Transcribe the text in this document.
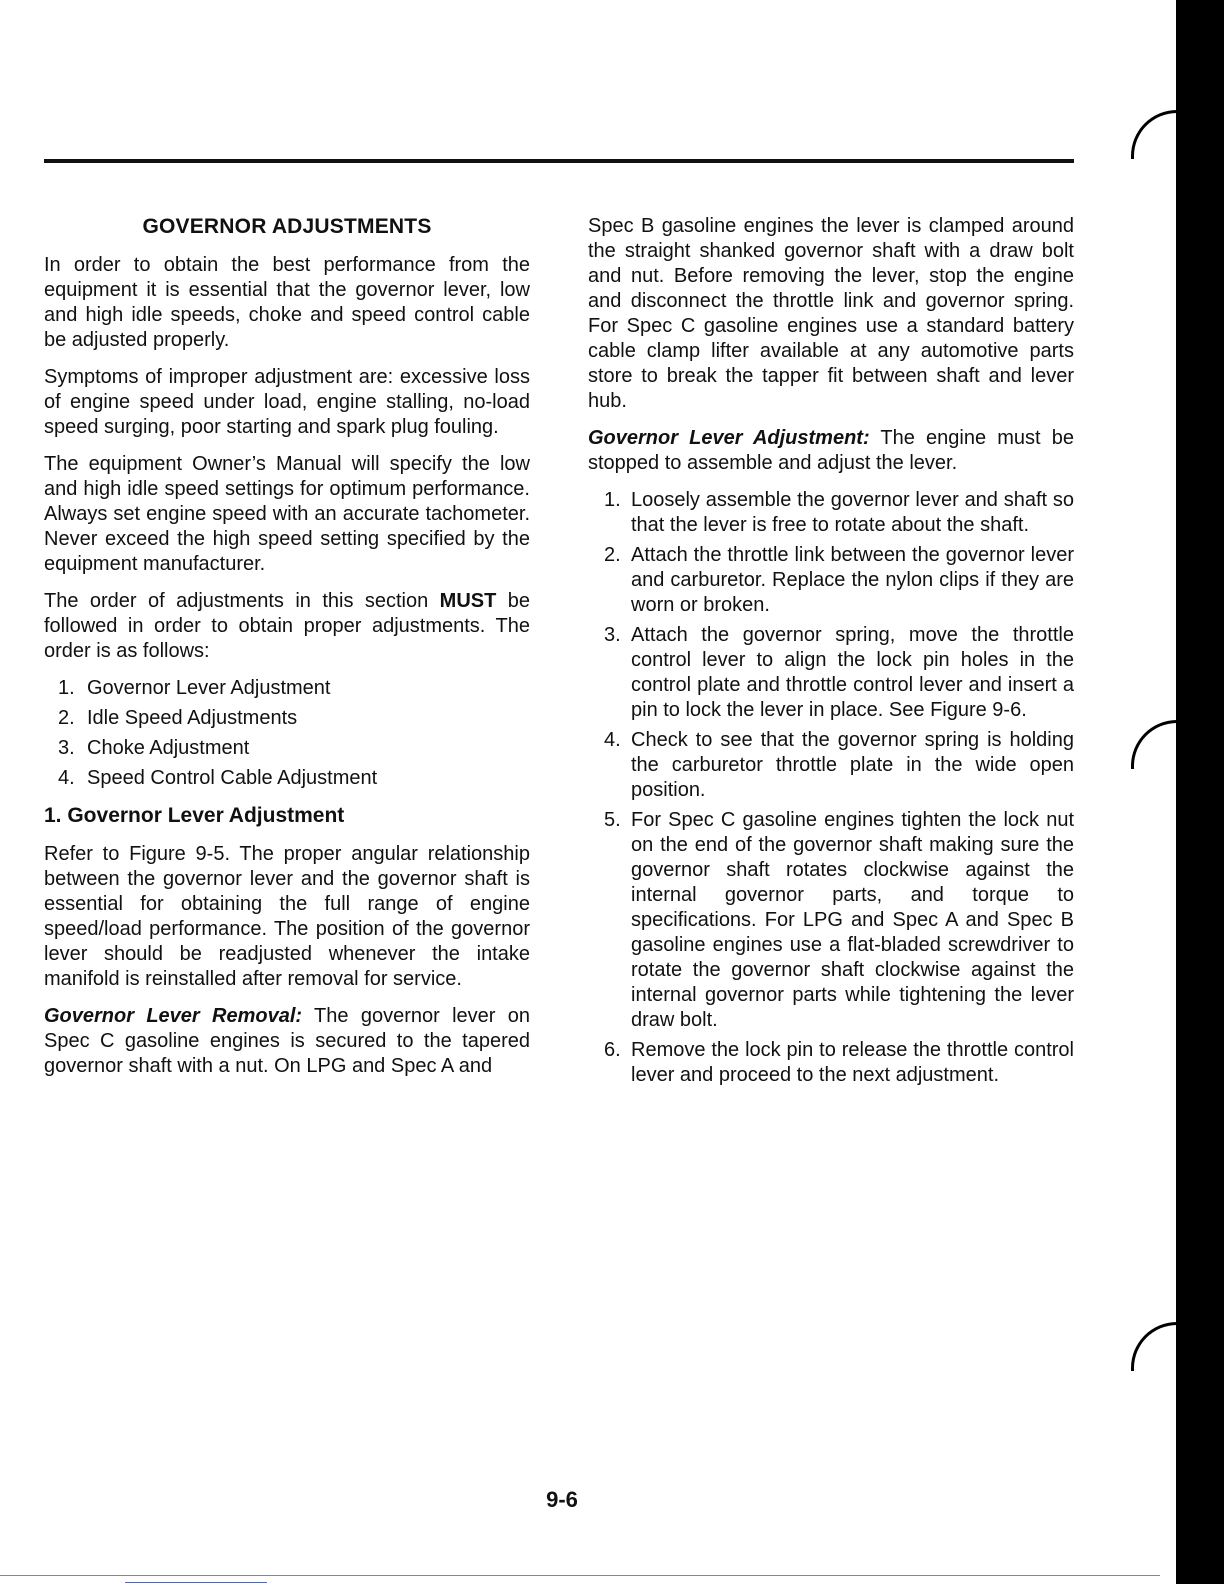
GOVERNOR ADJUSTMENTS

In order to obtain the best performance from the equipment it is essential that the governor lever, low and high idle speeds, choke and speed control cable be adjusted properly.

Symptoms of improper adjustment are: excessive loss of engine speed under load, engine stalling, no-load speed surging, poor starting and spark plug fouling.

The equipment Owner’s Manual will specify the low and high idle speed settings for optimum performance. Always set engine speed with an accurate tachometer. Never exceed the high speed setting specified by the equipment manufacturer.

The order of adjustments in this section MUST be followed in order to obtain proper adjustments. The order is as follows:

1. Governor Lever Adjustment
2. Idle Speed Adjustments
3. Choke Adjustment
4. Speed Control Cable Adjustment
1. Governor Lever Adjustment

Refer to Figure 9-5. The proper angular relationship between the governor lever and the governor shaft is essential for obtaining the full range of engine speed/load performance. The position of the governor lever should be readjusted whenever the intake manifold is reinstalled after removal for service.

Governor Lever Removal: The governor lever on Spec C gasoline engines is secured to the tapered governor shaft with a nut. On LPG and Spec A and

Spec B gasoline engines the lever is clamped around the straight shanked governor shaft with a draw bolt and nut. Before removing the lever, stop the engine and disconnect the throttle link and governor spring. For Spec C gasoline engines use a standard battery cable clamp lifter available at any automotive parts store to break the tapper fit between shaft and lever hub.

Governor Lever Adjustment: The engine must be stopped to assemble and adjust the lever.

1. Loosely assemble the governor lever and shaft so that the lever is free to rotate about the shaft.
2. Attach the throttle link between the governor lever and carburetor. Replace the nylon clips if they are worn or broken.
3. Attach the governor spring, move the throttle control lever to align the lock pin holes in the control plate and throttle control lever and insert a pin to lock the lever in place. See Figure 9-6.
4. Check to see that the governor spring is holding the carburetor throttle plate in the wide open position.
5. For Spec C gasoline engines tighten the lock nut on the end of the governor shaft making sure the governor shaft rotates clockwise against the internal governor parts, and torque to specifications. For LPG and Spec A and Spec B gasoline engines use a flat-bladed screwdriver to rotate the governor shaft clockwise against the internal governor parts while tightening the lever draw bolt.
6. Remove the lock pin to release the throttle control lever and proceed to the next adjustment.
9-6
